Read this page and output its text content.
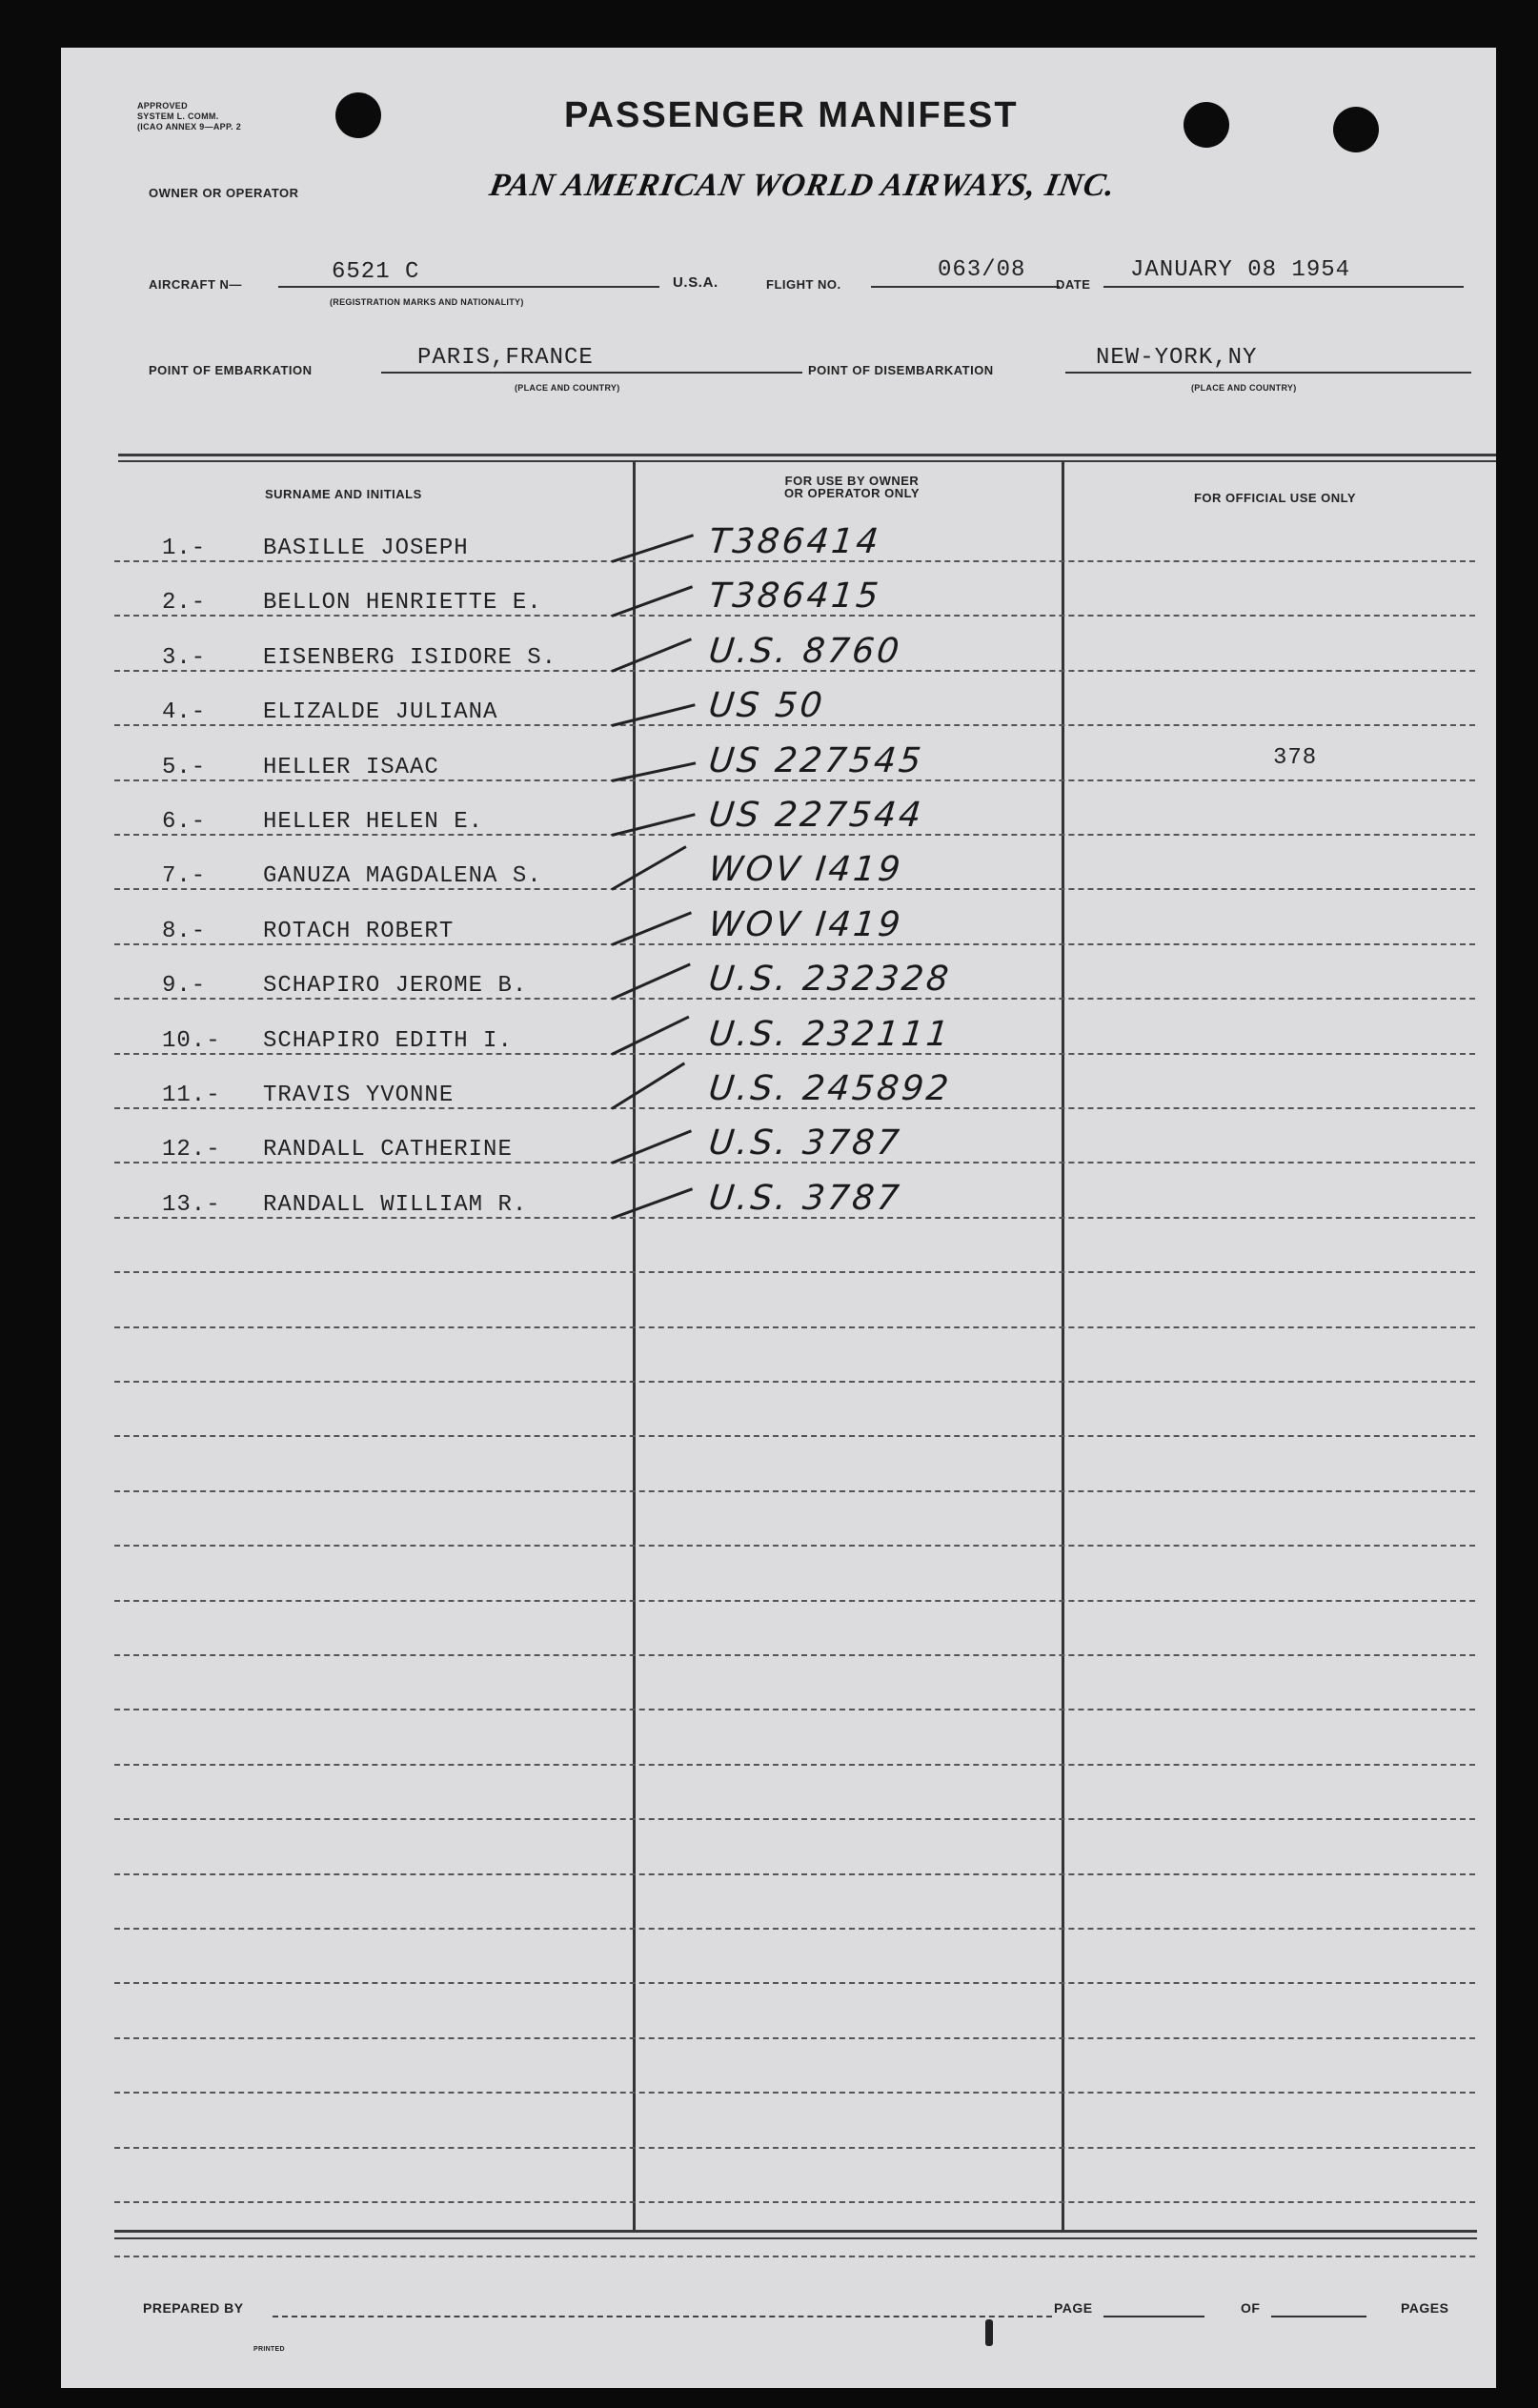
APPROVED
SYSTEM L. COMM.
(ICAO ANNEX 9—APP. 2	PASSENGER MANIFEST
OWNER OR OPERATOR	PAN AMERICAN WORLD AIRWAYS, INC.
AIRCRAFT N—	6521 C
(REGISTRATION MARKS AND NATIONALITY)
U.S.A.	FLIGHT NO.
063/08
DATE
JANUARY 08 1954
POINT OF EMBARKATION	PARIS,FRANCE
(PLACE AND COUNTRY)
POINT OF DISEMBARKATION	NEW-YORK,NY
(PLACE AND COUNTRY)
SURNAME AND INITIALS
FOR USE BY OWNER
OR OPERATOR ONLY	FOR OFFICIAL USE ONLY
1.- BASILLE JOSEPH	T386414
2.- BELLON HENRIETTE E.	T386415
3.- EISENBERG ISIDORE S.	U.S. 8760
4.- ELIZALDE JULIANA	US 50
5.- HELLER ISAAC	US 227545	378
6.- HELLER HELEN E.	US 227544
7.- GANUZA MAGDALENA S.	WOV I419
8.- ROTACH ROBERT	WOV I419
9.- SCHAPIRO JEROME B.	U.S. 232328
10.- SCHAPIRO EDITH I.	U.S. 232111
11.- TRAVIS YVONNE	U.S. 245892
12.- RANDALL CATHERINE	U.S. 3787
13.- RANDALL WILLIAM R.	U.S. 3787
PREPARED BY	PAGE	OF	PAGES
PRINTED
